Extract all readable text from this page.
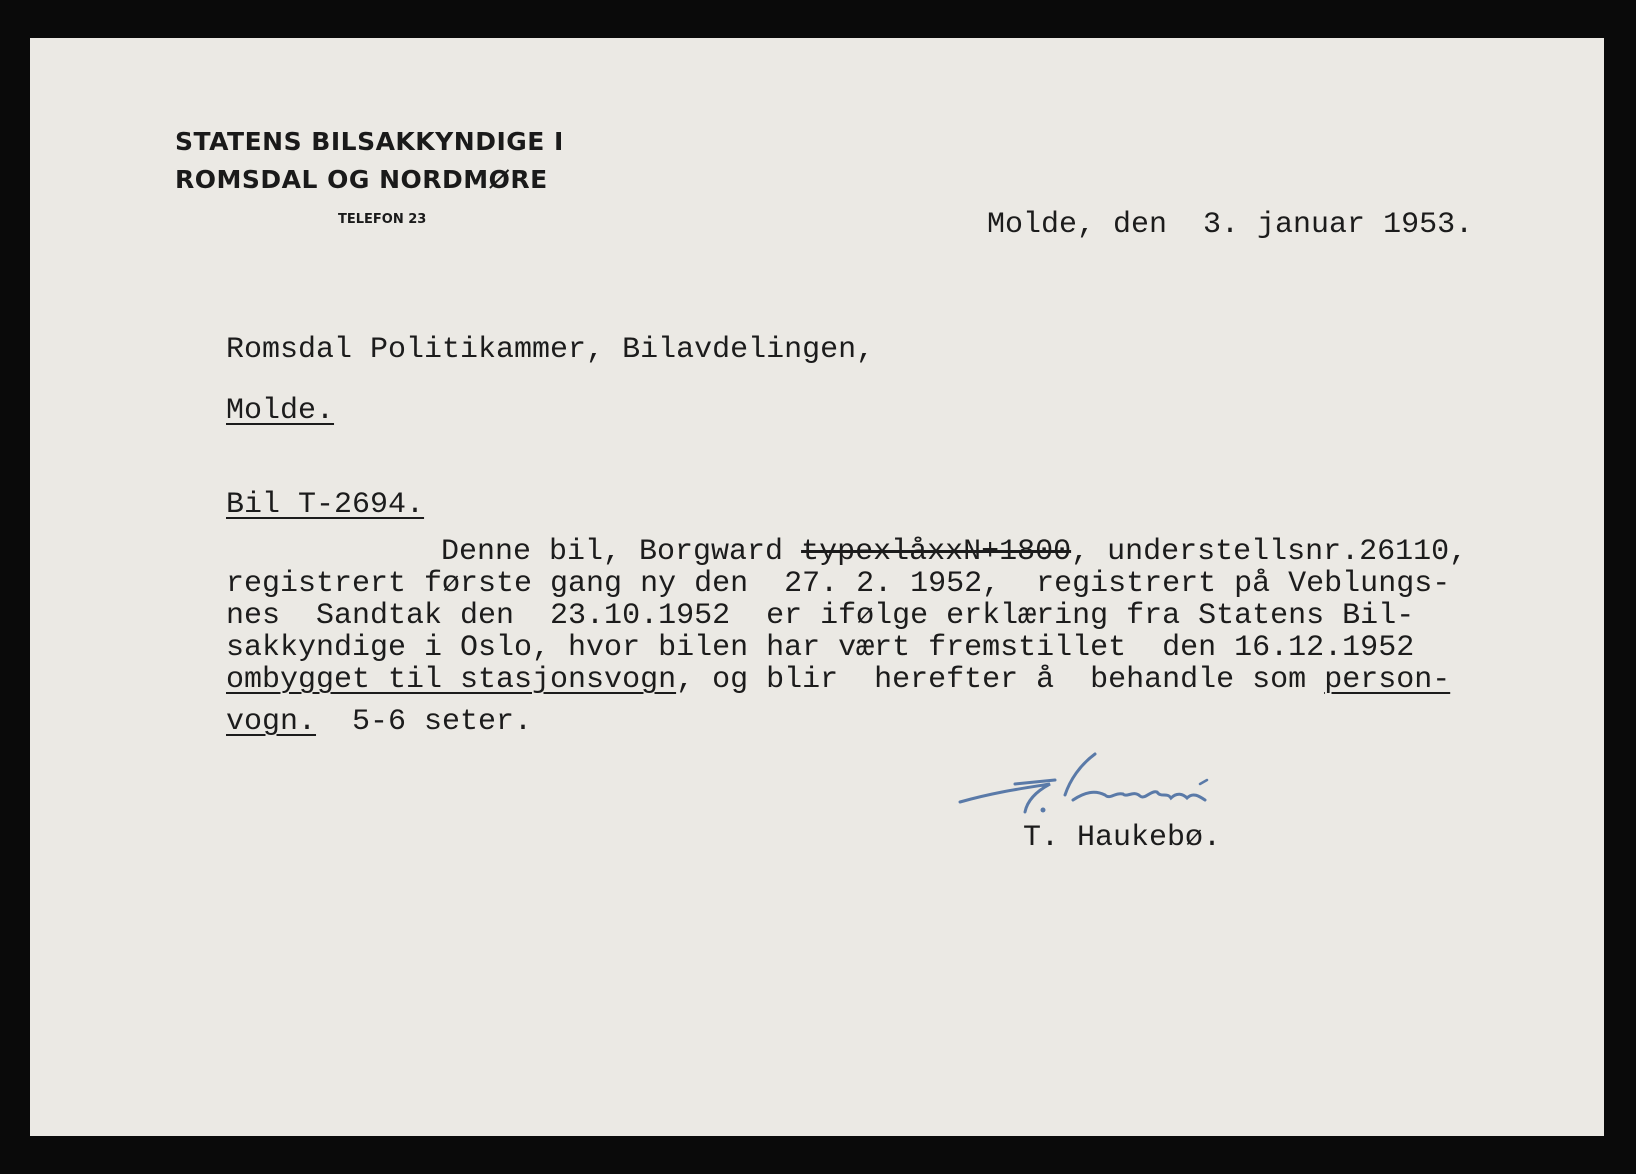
STATENS BILSAKKYNDIGE I

ROMSDAL OG NORDMØRE

TELEFON 23	Molde, den  3. januar 1953.

Romsdal Politikammer, Bilavdelingen,

Molde.

Bil T-2694.

Denne bil, Borgward typexlåxxN+1800, understellsnr.26110,

registrert første gang ny den  27. 2. 1952,  registrert på Veblungs-

nes  Sandtak den  23.10.1952  er ifølge erklæring fra Statens Bil-

sakkyndige i Oslo, hvor bilen har vært fremstillet  den 16.12.1952

ombygget til stasjonsvogn, og blir  herefter å  behandle som person-

vogn.  5-6 seter.

T. Haukebø.
